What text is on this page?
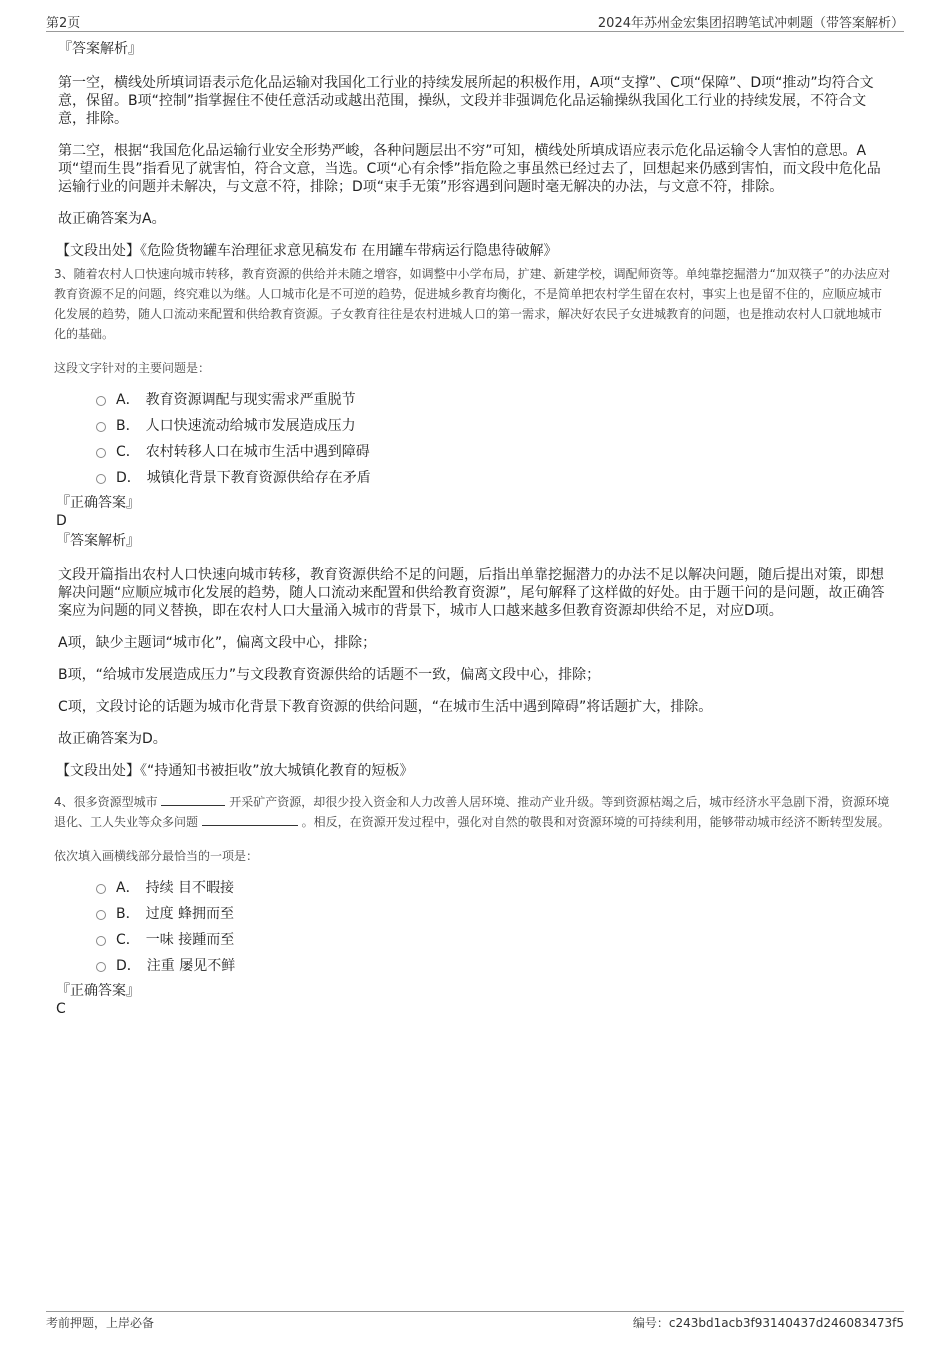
第2页	2024年苏州金宏集团招聘笔试冲刺题（带答案解析）
『答案解析』
第一空，横线处所填词语表示危化品运输对我国化工行业的持续发展所起的积极作用，A项“支撑”、C项“保障”、D项“推动”均符合文意，保留。B项“控制”指掌握住不使任意活动或越出范围，操纵，文段并非强调危化品运输操纵我国化工行业的持续发展，不符合文意，排除。
第二空，根据“我国危化品运输行业安全形势严峻，各种问题层出不穷”可知，横线处所填成语应表示危化品运输令人害怕的意思。A项“望而生畏”指看见了就害怕，符合文意，当选。C项“心有余悸”指危险之事虽然已经过去了，回想起来仍感到害怕，而文段中危化品运输行业的问题并未解决，与文意不符，排除；D项“束手无策”形容遇到问题时毫无解决的办法，与文意不符，排除。
故正确答案为A。
【文段出处】《危险货物罐车治理征求意见稿发布 在用罐车带病运行隐患待破解》
3、随着农村人口快速向城市转移，教育资源的供给并未随之增容，如调整中小学布局，扩建、新建学校，调配师资等。单纯靠挖掘潜力“加双筷子”的办法应对教育资源不足的问题，终究难以为继。人口城市化是不可逆的趋势，促进城乡教育均衡化，不是简单把农村学生留在农村，事实上也是留不住的，应顺应城市化发展的趋势，随人口流动来配置和供给教育资源。子女教育往往是农村进城人口的第一需求，解决好农民子女进城教育的问题，也是推动农村人口就地城市化的基础。
这段文字针对的主要问题是：
A． 教育资源调配与现实需求严重脱节
B． 人口快速流动给城市发展造成压力
C． 农村转移人口在城市生活中遇到障碍
D． 城镇化背景下教育资源供给存在矛盾
『正确答案』
D
『答案解析』
文段开篇指出农村人口快速向城市转移，教育资源供给不足的问题，后指出单靠挖掘潜力的办法不足以解决问题，随后提出对策，即想解决问题“应顺应城市化发展的趋势，随人口流动来配置和供给教育资源”，尾句解释了这样做的好处。由于题干问的是问题，故正确答案应为问题的同义替换，即在农村人口大量涌入城市的背景下，城市人口越来越多但教育资源却供给不足，对应D项。
A项，缺少主题词“城市化”，偏离文段中心，排除；
B项，“给城市发展造成压力”与文段教育资源供给的话题不一致，偏离文段中心，排除；
C项，文段讨论的话题为城市化背景下教育资源的供给问题，“在城市生活中遇到障碍”将话题扩大，排除。
故正确答案为D。
【文段出处】《“持通知书被拒收”放大城镇化教育的短板》
4、很多资源型城市	开采矿产资源，却很少投入资金和人力改善人居环境、推动产业升级。等到资源枯竭之后，城市经济水平急剧下滑，资源环境退化、工人失业等众多问题	。相反，在资源开发过程中，强化对自然的敬畏和对资源环境的可持续利用，能够带动城市经济不断转型发展。
依次填入画横线部分最恰当的一项是：
A． 持续 目不暇接
B． 过度 蜂拥而至
C． 一味 接踵而至
D． 注重 屡见不鲜
『正确答案』
C
考前押题，上岸必备	编号：c243bd1acb3f93140437d246083473f5
